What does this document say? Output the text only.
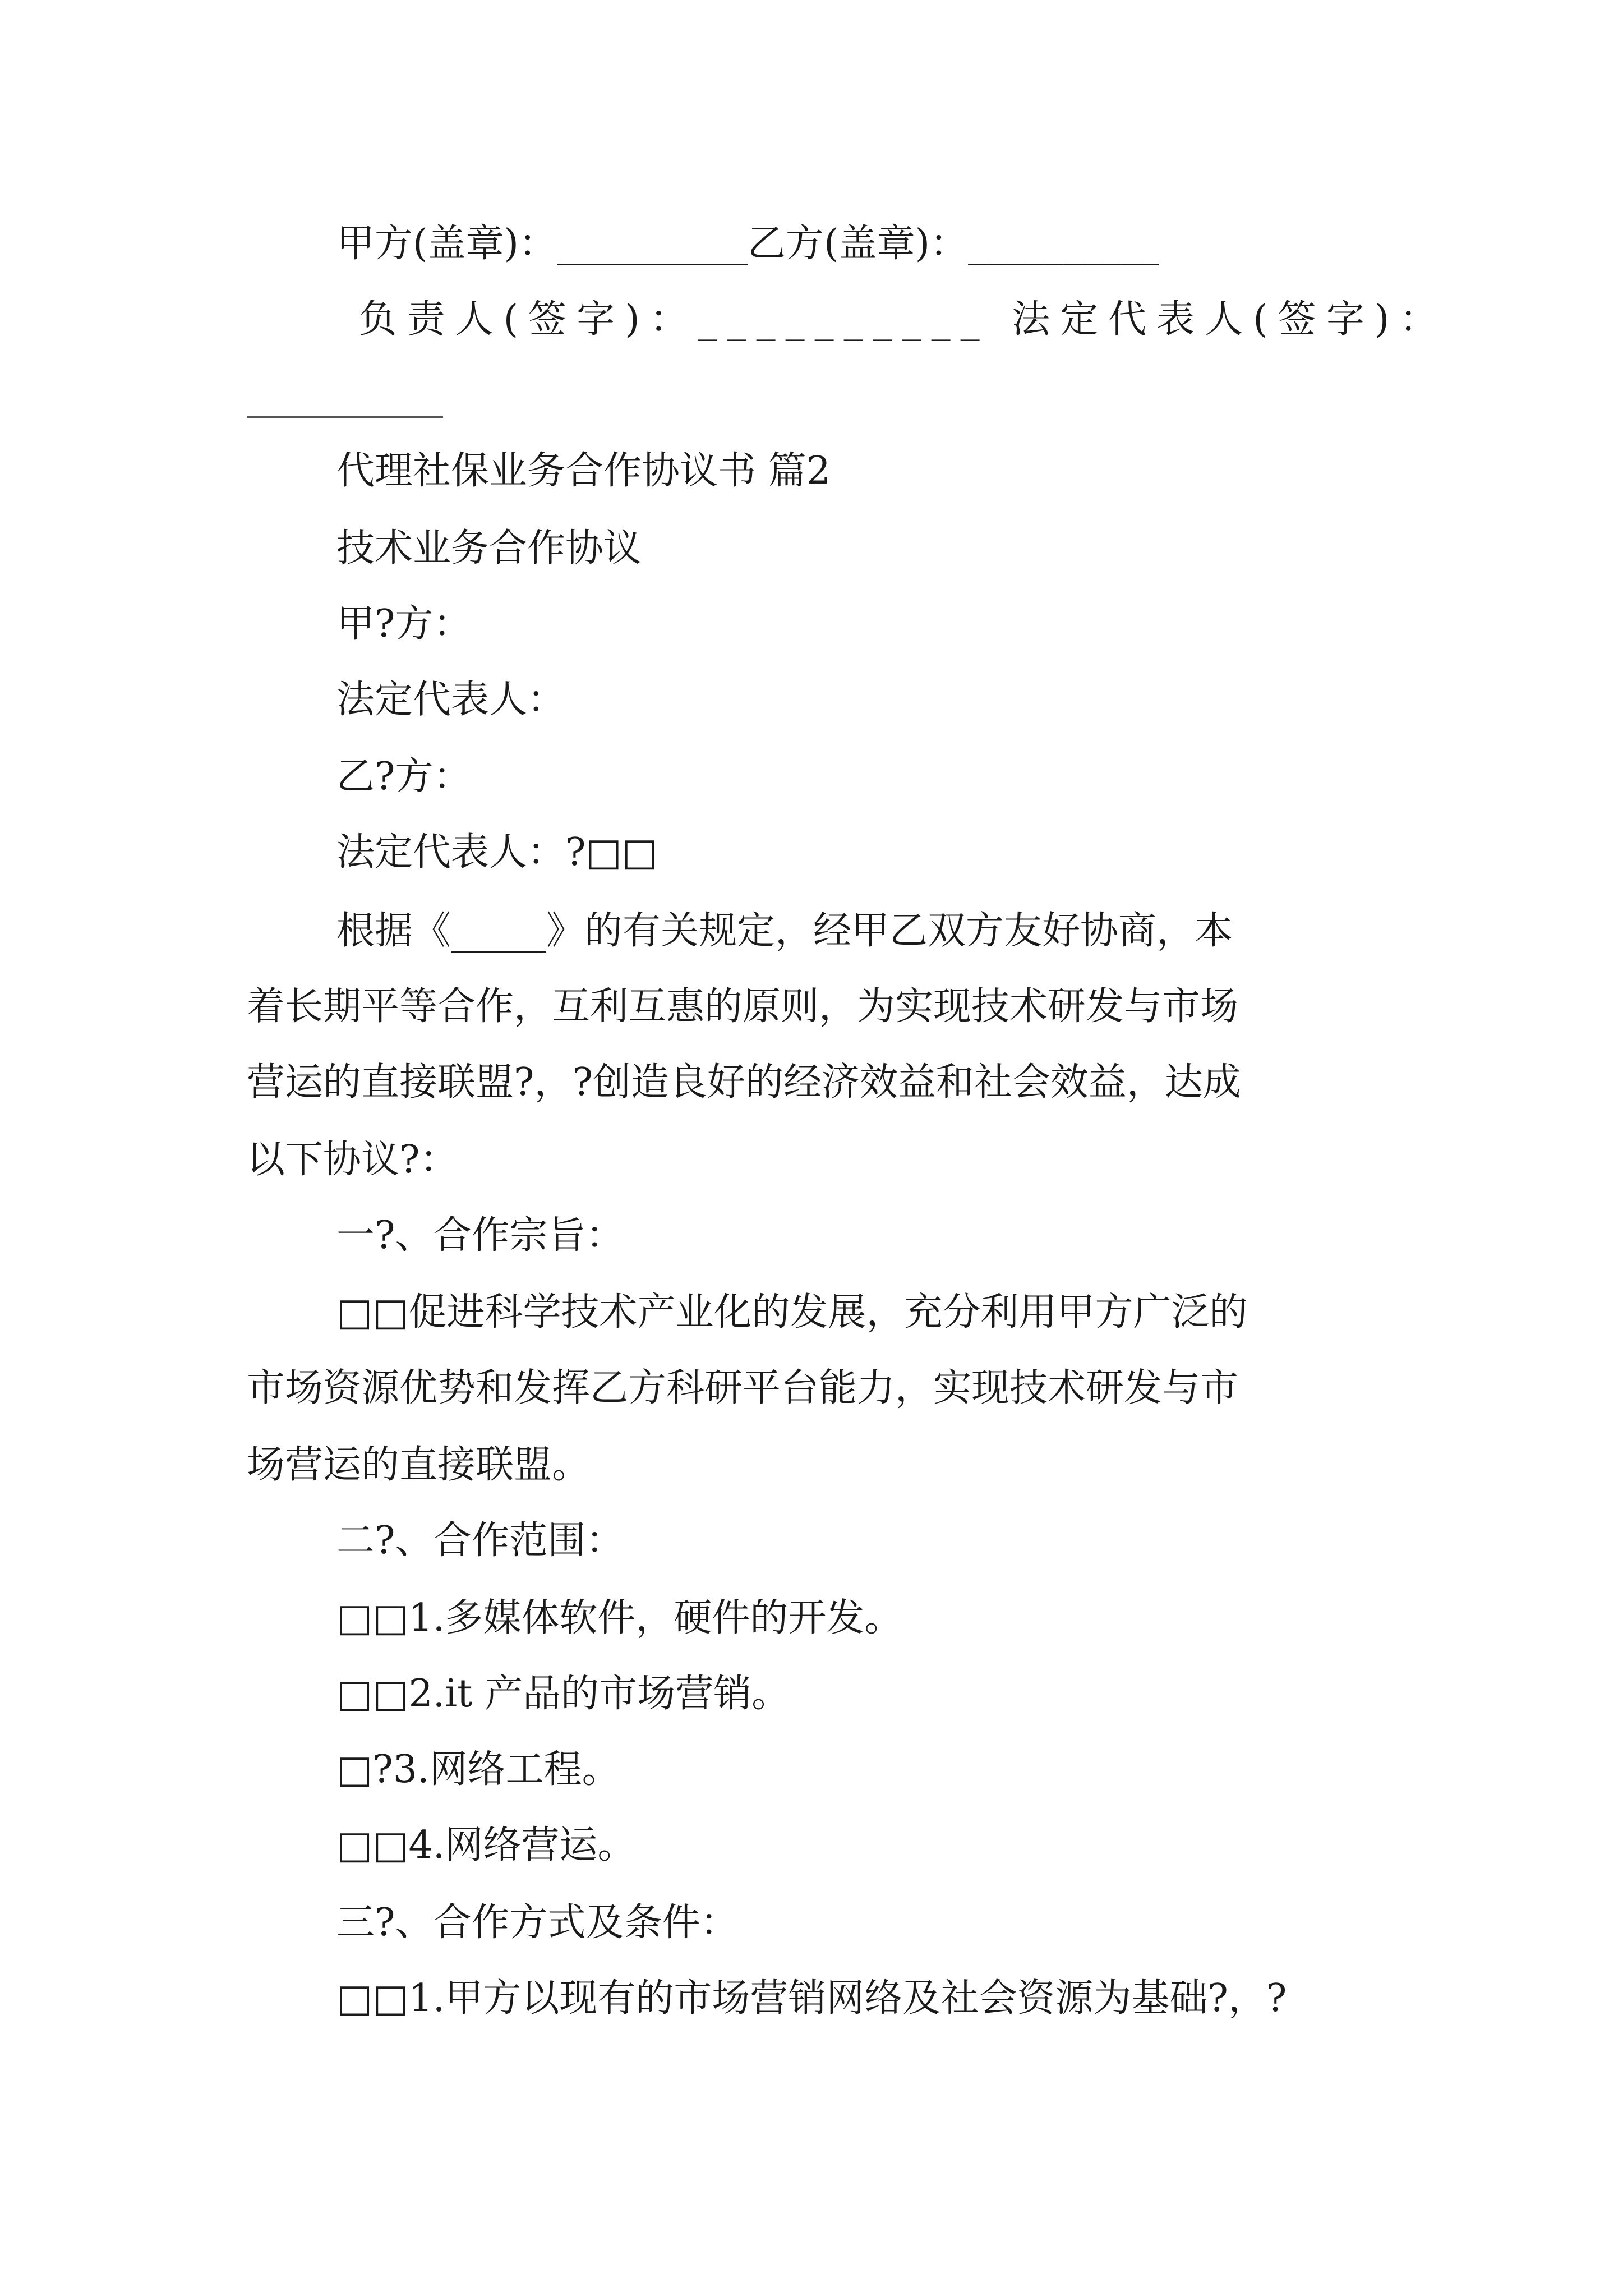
甲方(盖章)：__________乙方(盖章)：__________
负责人(签字)：__________ 法定代表人(签字)：
代理社保业务合作协议书 篇2
技术业务合作协议
甲?方：
法定代表人：
乙?方：
法定代表人：?□□
根据《_____》的有关规定，经甲乙双方友好协商，本
着长期平等合作，互利互惠的原则，为实现技术研发与市场
营运的直接联盟?，?创造良好的经济效益和社会效益，达成
以下协议?：
一?、合作宗旨：
□□促进科学技术产业化的发展，充分利用甲方广泛的
市场资源优势和发挥乙方科研平台能力，实现技术研发与市
场营运的直接联盟。
二?、合作范围：
□□1.多媒体软件，硬件的开发。
□□2.it 产品的市场营销。
□?3.网络工程。
□□4.网络营运。
三?、合作方式及条件：
□□1.甲方以现有的市场营销网络及社会资源为基础?，?
